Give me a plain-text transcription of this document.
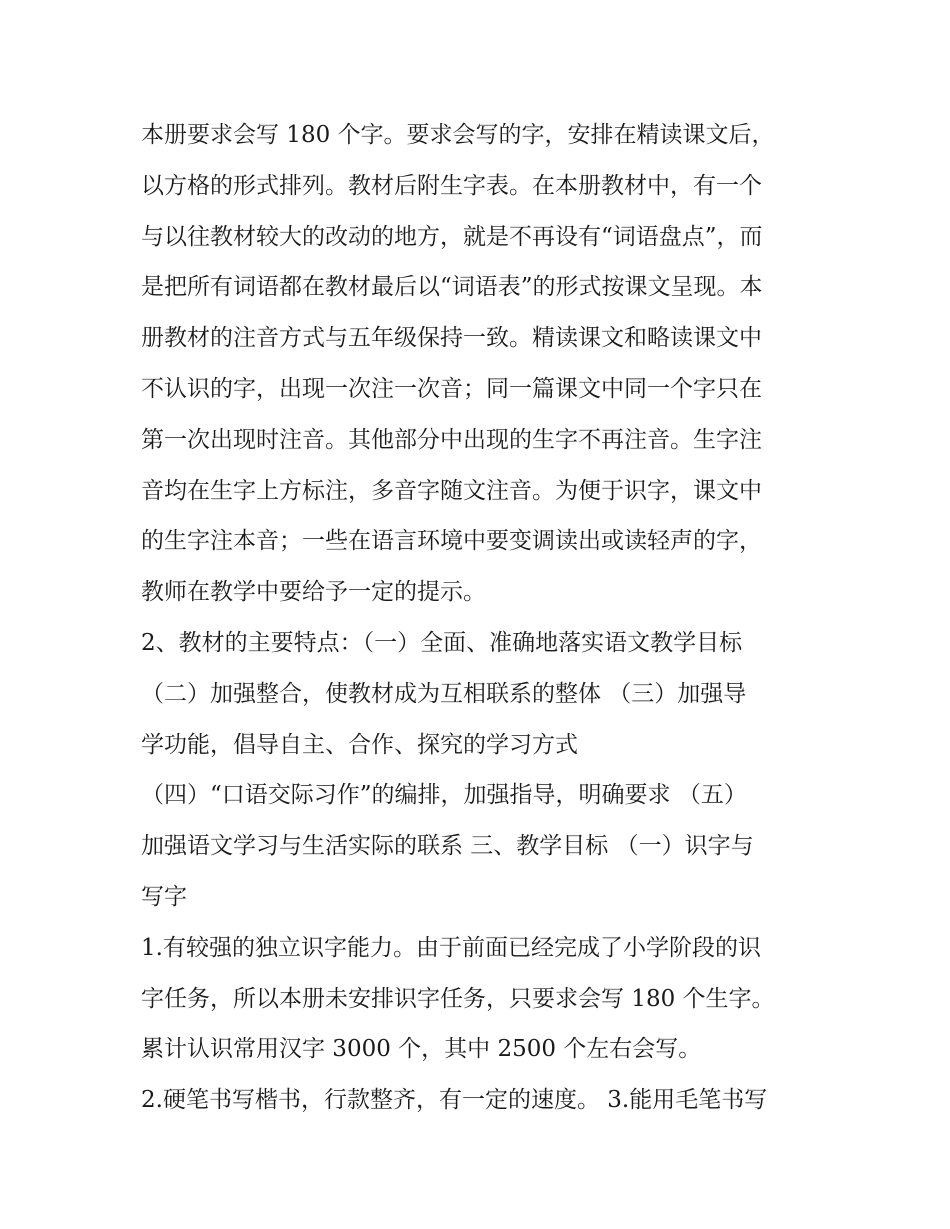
本册要求会写 180 个字。要求会写的字，安排在精读课文后，
以方格的形式排列。教材后附生字表。在本册教材中，有一个
与以往教材较大的改动的地方，就是不再设有“词语盘点”，而
是把所有词语都在教材最后以“词语表”的形式按课文呈现。本
册教材的注音方式与五年级保持一致。精读课文和略读课文中
不认识的字，出现一次注一次音；同一篇课文中同一个字只在
第一次出现时注音。其他部分中出现的生字不再注音。生字注
音均在生字上方标注，多音字随文注音。为便于识字，课文中
的生字注本音；一些在语言环境中要变调读出或读轻声的字，
教师在教学中要给予一定的提示。
2、教材的主要特点：（一）全面、准确地落实语文教学目标
（二）加强整合，使教材成为互相联系的整体 （三）加强导
学功能，倡导自主、合作、探究的学习方式
（四）“口语交际习作”的编排，加强指导，明确要求 （五）
加强语文学习与生活实际的联系 三、教学目标 （一）识字与
写字
1.有较强的独立识字能力。由于前面已经完成了小学阶段的识
字任务，所以本册未安排识字任务，只要求会写 180 个生字。
累计认识常用汉字 3000 个，其中 2500 个左右会写。
2.硬笔书写楷书，行款整齐，有一定的速度。 3.能用毛笔书写
